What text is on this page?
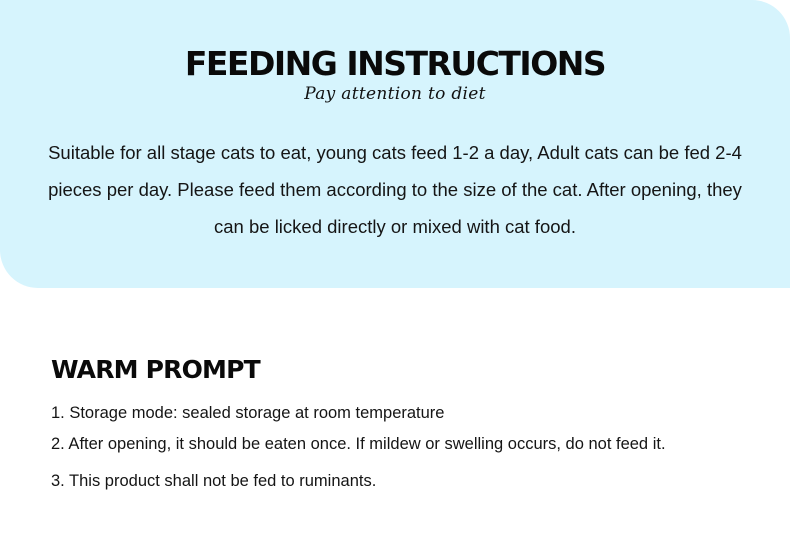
FEEDING INSTRUCTIONS
Pay attention to diet

Suitable for all stage cats to eat, young cats feed 1-2 a day, Adult cats can be fed 2-4 pieces per day. Please feed them according to the size of the cat. After opening, they can be licked directly or mixed with cat food.

WARM PROMPT
1. Storage mode: sealed storage at room temperature
2. After opening, it should be eaten once. If mildew or swelling occurs, do not feed it.
3. This product shall not be fed to ruminants.
